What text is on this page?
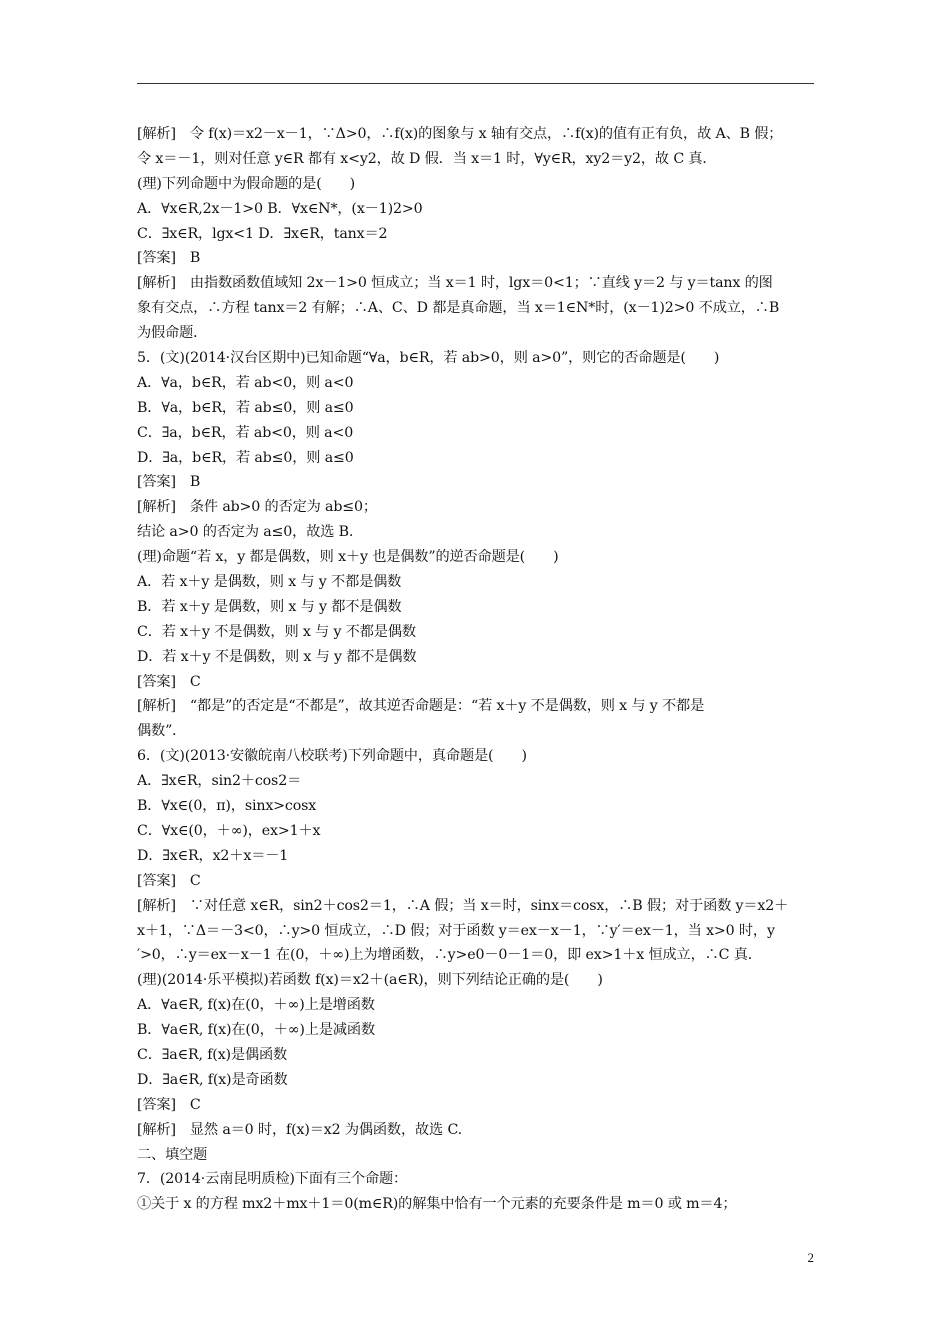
[解析]　令 f(x)＝x2－x－1，∵Δ>0，∴f(x)的图象与 x 轴有交点，∴f(x)的值有正有负，故 A、B 假；
令 x＝－1，则对任意 y∈R 都有 x<y2，故 D 假．当 x＝1 时，∀y∈R，xy2＝y2，故 C 真．
(理)下列命题中为假命题的是(　　)
A．∀x∈R,2x－1>0 B．∀x∈N*，(x－1)2>0
C．∃x∈R，lgx<1 D．∃x∈R，tanx＝2
[答案]　B
[解析]　由指数函数值域知 2x－1>0 恒成立；当 x＝1 时，lgx＝0<1；∵直线 y＝2 与 y＝tanx 的图
象有交点，∴方程 tanx＝2 有解；∴A、C、D 都是真命题，当 x＝1∈N*时，(x－1)2>0 不成立，∴B
为假命题．
5．(文)(2014·汉台区期中)已知命题“∀a，b∈R，若 ab>0，则 a>0”，则它的否命题是(　　)
A．∀a，b∈R，若 ab<0，则 a<0
B．∀a，b∈R，若 ab≤0，则 a≤0
C．∃a，b∈R，若 ab<0，则 a<0
D．∃a，b∈R，若 ab≤0，则 a≤0
[答案]　B
[解析]　条件 ab>0 的否定为 ab≤0；
结论 a>0 的否定为 a≤0，故选 B.
(理)命题“若 x，y 都是偶数，则 x＋y 也是偶数”的逆否命题是(　　)
A．若 x＋y 是偶数，则 x 与 y 不都是偶数
B．若 x＋y 是偶数，则 x 与 y 都不是偶数
C．若 x＋y 不是偶数，则 x 与 y 不都是偶数
D．若 x＋y 不是偶数，则 x 与 y 都不是偶数
[答案]　C
[解析]　“都是”的否定是“不都是”，故其逆否命题是：“若 x＋y 不是偶数，则 x 与 y 不都是
偶数”．
6．(文)(2013·安徽皖南八校联考)下列命题中，真命题是(　　)
A．∃x∈R，sin2＋cos2＝
B．∀x∈(0，π)，sinx>cosx
C．∀x∈(0，＋∞)，ex>1＋x
D．∃x∈R，x2＋x＝－1
[答案]　C
[解析]　∵对任意 x∈R，sin2＋cos2＝1，∴A 假；当 x＝时，sinx＝cosx，∴B 假；对于函数 y＝x2＋
x＋1，∵Δ＝－3<0，∴y>0 恒成立，∴D 假；对于函数 y＝ex－x－1，∵y′＝ex－1，当 x>0 时，y
′>0，∴y＝ex－x－1 在(0，＋∞)上为增函数，∴y>e0－0－1＝0，即 ex>1＋x 恒成立，∴C 真．
(理)(2014·乐平模拟)若函数 f(x)＝x2＋(a∈R)，则下列结论正确的是(　　)
A．∀a∈R, f(x)在(0，＋∞)上是增函数
B．∀a∈R, f(x)在(0，＋∞)上是减函数
C．∃a∈R, f(x)是偶函数
D．∃a∈R, f(x)是奇函数
[答案]　C
[解析]　显然 a＝0 时，f(x)＝x2 为偶函数，故选 C.
二、填空题
7．(2014·云南昆明质检)下面有三个命题：
①关于 x 的方程 mx2＋mx＋1＝0(m∈R)的解集中恰有一个元素的充要条件是 m＝0 或 m＝4；
2
